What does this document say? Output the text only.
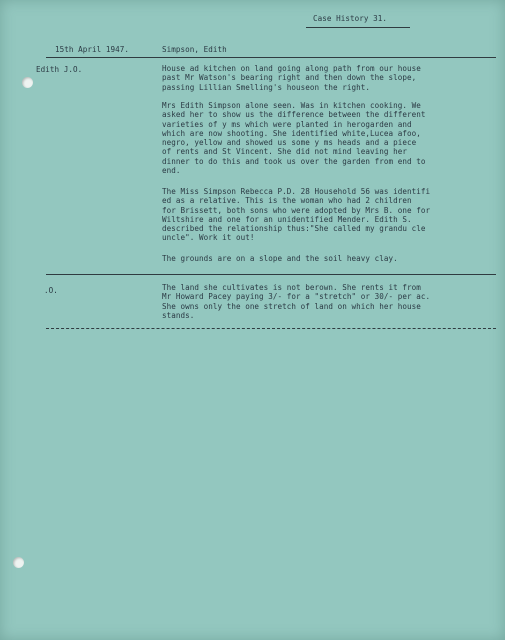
Case History 31.
15th April 1947.	Simpson, Edith
Edith J.O.	House ad kitchen on land going along path from our house
past Mr Watson's bearing right and then down the slope,
passing Lillian Smelling's houseon the right.
Mrs Edith Simpson alone seen. Was in kitchen cooking. We
asked her to show us the difference between the different
varieties of y ms which were planted in herogarden and
which are now shooting. She identified white,Lucea afoo,
negro, yellow and showed us some y ms heads and a piece
of rents and St Vincent. She did not mind leaving her
dinner to do this and took us over the garden from end to
end.
The Miss Simpson Rebecca P.D. 28 Household 56 was identifi
ed as a relative. This is the woman who had 2 children
for Brissett, both sons who were adopted by Mrs B. one for
Wiltshire and one for an unidentified Mender. Edith S.
described the relationship thus:"She called my grandu cle
uncle". Work it out!
The grounds are on a slope and the soil heavy clay.
.O.	The land she cultivates is not berown. She rents it from
Mr Howard Pacey paying 3/- for a "stretch" or 30/- per ac.
She owns only the one stretch of land on which her house
stands.
